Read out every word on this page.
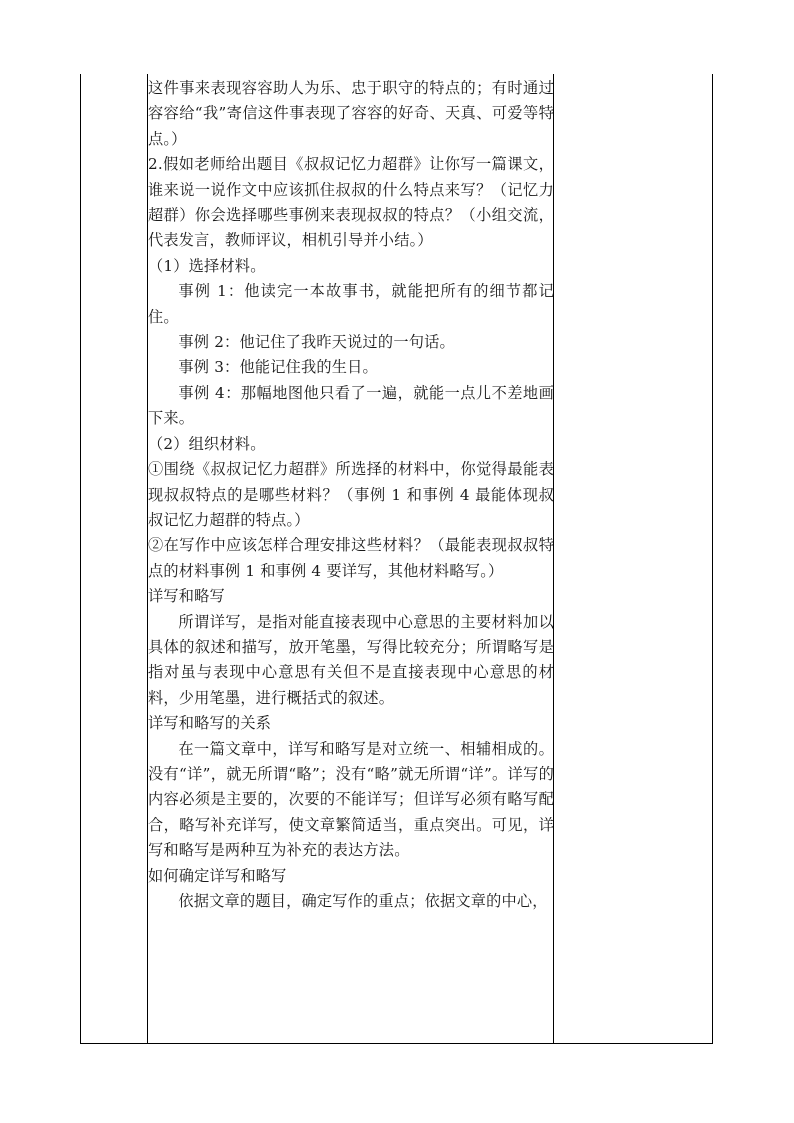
这件事来表现容容助人为乐、忠于职守的特点的；有时通过容容给“我”寄信这件事表现了容容的好奇、天真、可爱等特点。）

2.假如老师给出题目《叔叔记忆力超群》让你写一篇课文，谁来说一说作文中应该抓住叔叔的什么特点来写？（记忆力超群）你会选择哪些事例来表现叔叔的特点？（小组交流，代表发言，教师评议，相机引导并小结。）

（1）选择材料。

事例 1：他读完一本故事书，就能把所有的细节都记住。

事例 2：他记住了我昨天说过的一句话。

事例 3：他能记住我的生日。

事例 4：那幅地图他只看了一遍，就能一点儿不差地画下来。

（2）组织材料。

①围绕《叔叔记忆力超群》所选择的材料中，你觉得最能表现叔叔特点的是哪些材料？（事例 1 和事例 4 最能体现叔叔记忆力超群的特点。）

②在写作中应该怎样合理安排这些材料？（最能表现叔叔特点的材料事例 1 和事例 4 要详写，其他材料略写。）

详写和略写

所谓详写，是指对能直接表现中心意思的主要材料加以具体的叙述和描写，放开笔墨，写得比较充分；所谓略写是指对虽与表现中心意思有关但不是直接表现中心意思的材料，少用笔墨，进行概括式的叙述。

详写和略写的关系

在一篇文章中，详写和略写是对立统一、相辅相成的。没有“详”，就无所谓“略”；没有“略”就无所谓“详”。详写的内容必须是主要的，次要的不能详写；但详写必须有略写配合，略写补充详写，使文章繁简适当，重点突出。可见，详写和略写是两种互为补充的表达方法。

如何确定详写和略写

依据文章的题目，确定写作的重点；依据文章的中心，
